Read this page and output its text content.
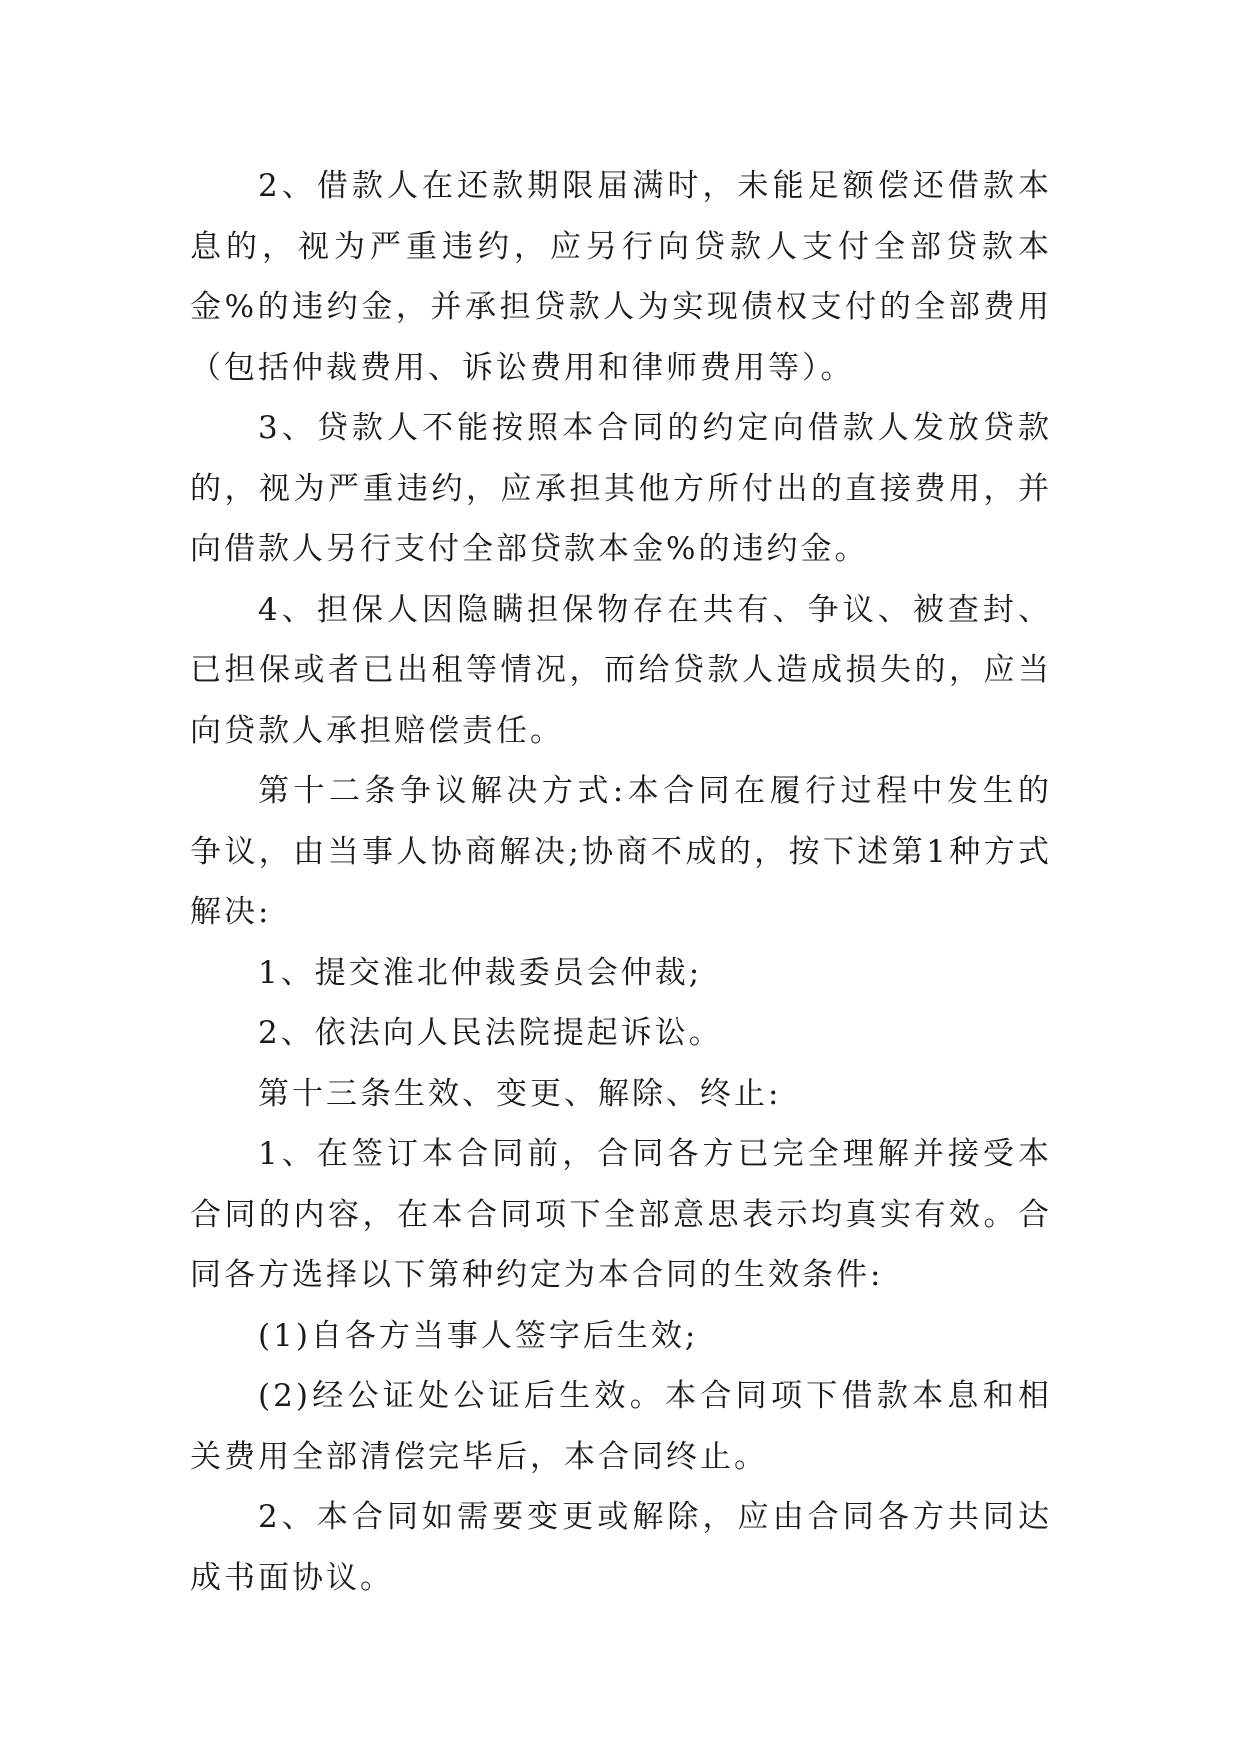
2、借款人在还款期限届满时，未能足额偿还借款本息的，视为严重违约，应另行向贷款人支付全部贷款本金%的违约金，并承担贷款人为实现债权支付的全部费用（包括仲裁费用、诉讼费用和律师费用等）。

3、贷款人不能按照本合同的约定向借款人发放贷款的，视为严重违约，应承担其他方所付出的直接费用，并向借款人另行支付全部贷款本金%的违约金。

4、担保人因隐瞒担保物存在共有、争议、被查封、已担保或者已出租等情况，而给贷款人造成损失的，应当向贷款人承担赔偿责任。

第十二条争议解决方式:本合同在履行过程中发生的争议，由当事人协商解决;协商不成的，按下述第1种方式解决:

1、提交淮北仲裁委员会仲裁;

2、依法向人民法院提起诉讼。

第十三条生效、变更、解除、终止:

1、在签订本合同前，合同各方已完全理解并接受本合同的内容，在本合同项下全部意思表示均真实有效。合同各方选择以下第种约定为本合同的生效条件:

(1)自各方当事人签字后生效;

(2)经公证处公证后生效。本合同项下借款本息和相关费用全部清偿完毕后，本合同终止。

2、本合同如需要变更或解除，应由合同各方共同达成书面协议。
